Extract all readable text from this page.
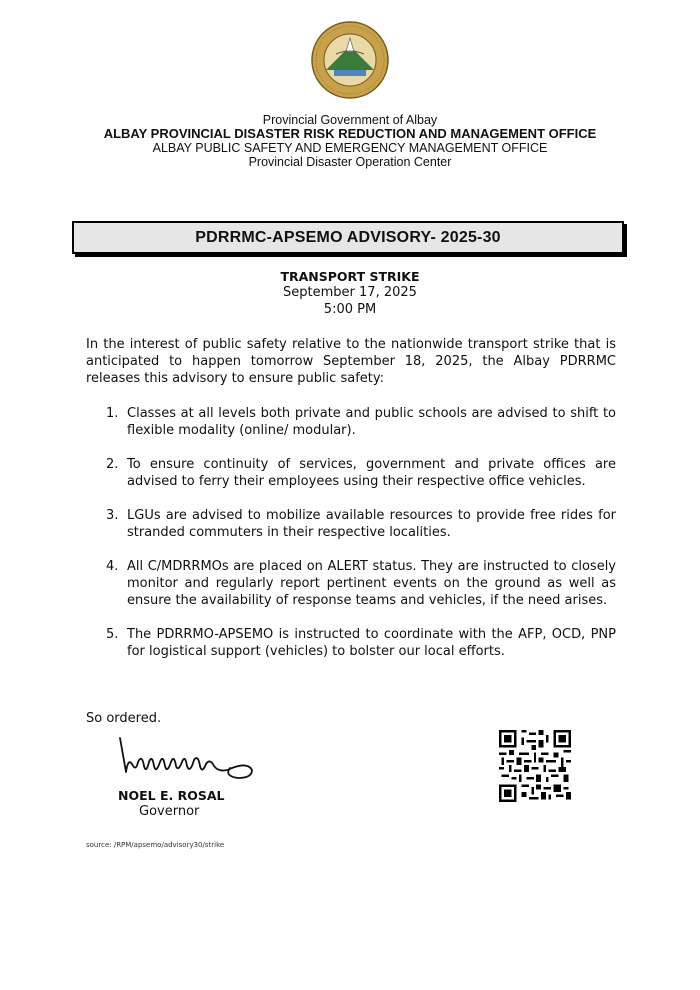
Provincial Government of Albay
ALBAY PROVINCIAL DISASTER RISK REDUCTION AND MANAGEMENT OFFICE
ALBAY PUBLIC SAFETY AND EMERGENCY MANAGEMENT OFFICE
Provincial Disaster Operation Center
PDRRMC-APSEMO ADVISORY- 2025-30
TRANSPORT STRIKE
September 17, 2025
5:00 PM
In the interest of public safety relative to the nationwide transport strike that is anticipated to happen tomorrow September 18, 2025, the Albay PDRRMC releases this advisory to ensure public safety:
1. Classes at all levels both private and public schools are advised to shift to flexible modality (online/ modular).
2. To ensure continuity of services, government and private offices are advised to ferry their employees using their respective office vehicles.
3. LGUs are advised to mobilize available resources to provide free rides for stranded commuters in their respective localities.
4. All C/MDRRMOs are placed on ALERT status. They are instructed to closely monitor and regularly report pertinent events on the ground as well as ensure the availability of response teams and vehicles, if the need arises.
5. The PDRRMO-APSEMO is instructed to coordinate with the AFP, OCD, PNP for logistical support (vehicles) to bolster our local efforts.
So ordered.
NOEL E. ROSAL
Governor
source: /RPM/apsemo/advisory30/strike
